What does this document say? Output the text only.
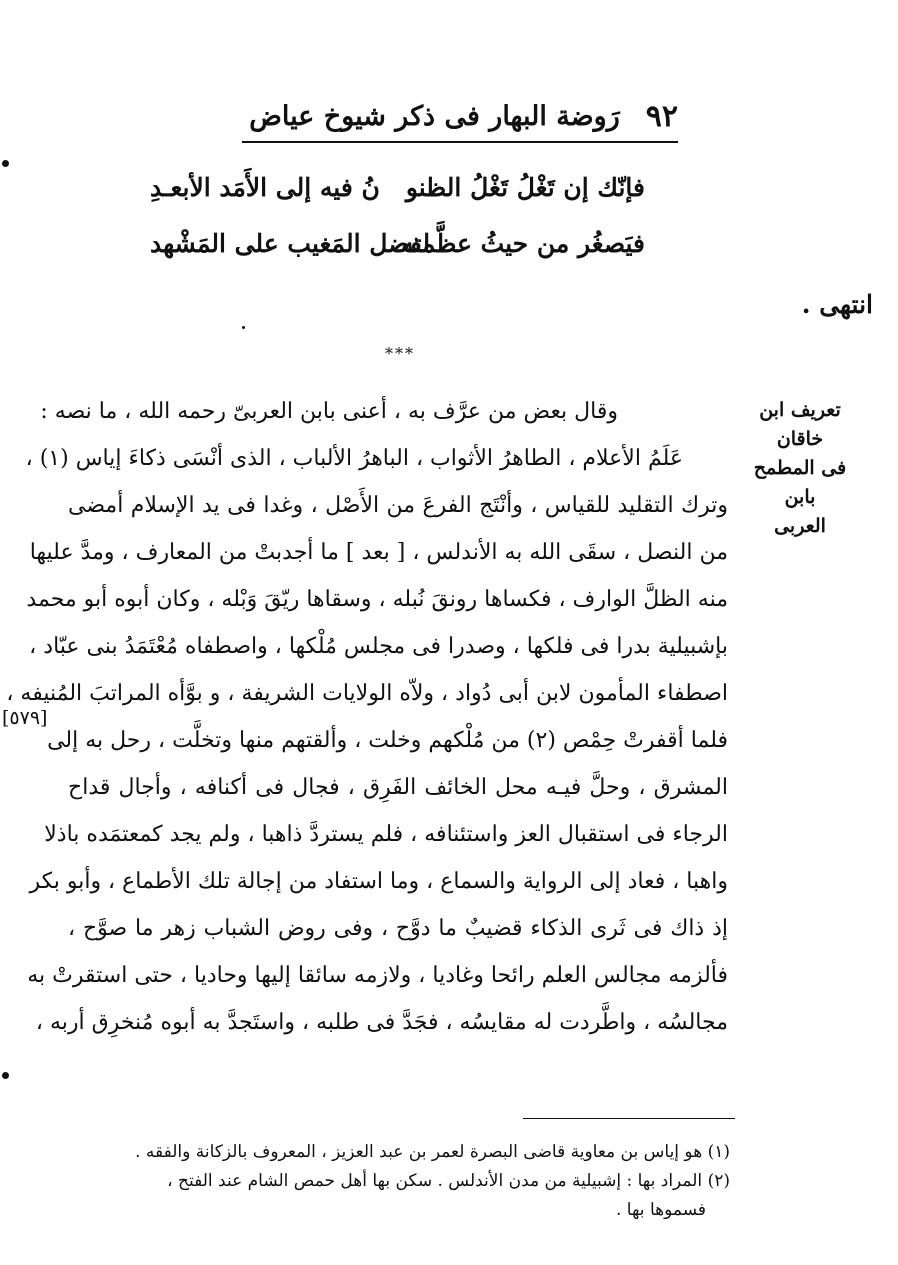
٩٢
رَوضة البهار فى ذكر شيوخ عياض
فإنّك إن تَغْلُ تَغْلُ الظنو
نُ فيه إلى الأَمَد الأبعـدِ
فيَصغُر من حيثُ عظَّمته
لفضل المَغيب على المَشْهد
انتهى .
***
تعريف ابن خاقان
فى المطمح بابن
العربى
[٥٧٩]
وقال بعض من عرَّف به ، أعنى بابن العربىّ رحمه الله ، ما نصه :
عَلَمُ الأعلام ، الطاهرُ الأثواب ، الباهرُ الألباب ، الذى أنْسَى ذكاءَ إياس (١) ،
وترك التقليد للقياس ، وأنْتَج الفرعَ من الأَصْل ، وغدا فى يد الإسلام أمضى
من النصل ، سقَى الله به الأندلس ، [ بعد ] ما أجدبتْ من المعارف ، ومدَّ عليها
منه الظلَّ الوارف ، فكساها رونقَ نُبله ، وسقاها ريّقَ وَبْله ، وكان أبوه أبو محمد
بإشبيلية بدرا فى فلكها ، وصدرا فى مجلس مُلْكها ، واصطفاه مُعْتَمَدُ بنى عبّاد ،
اصطفاء المأمون لابن أبى دُواد ، ولاّه الولايات الشريفة ، و بوَّأه المراتبَ المُنيفه ،
فلما أقفرتْ حِمْص (٢) من مُلْكهم وخلت ، وألقتهم منها وتخلَّت ، رحل به إلى
المشرق ، وحلَّ فيـه محل الخائف الفَرِق ، فجال فى أكنافه ، وأجال قداح
الرجاء فى استقبال العز واستئنافه ، فلم يستردَّ ذاهبا ، ولم يجد كمعتمَده باذلا
واهبا ، فعاد إلى الرواية والسماع ، وما استفاد من إجالة تلك الأطماع ، وأبو بكر
إذ ذاك فى ثَرى الذكاء قضيبٌ ما دوَّح ، وفى روض الشباب زهر ما صوَّح ،
فألزمه مجالس العلم رائحا وغاديا ، ولازمه سائقا إليها وحاديا ، حتى استقرتْ به
مجالسُه ، واطَّردت له مقايسُه ، فجَدَّ فى طلبه ، واستَجدَّ به أبوه مُنخرِق أربه ،
(١) هو إياس بن معاوية قاضى البصرة لعمر بن عبد العزيز ، المعروف بالزكانة والفقه .
(٢) المراد بها : إشبيلية من مدن الأندلس . سكن بها أهل حمص الشام عند الفتح ،
فسموها بها .
